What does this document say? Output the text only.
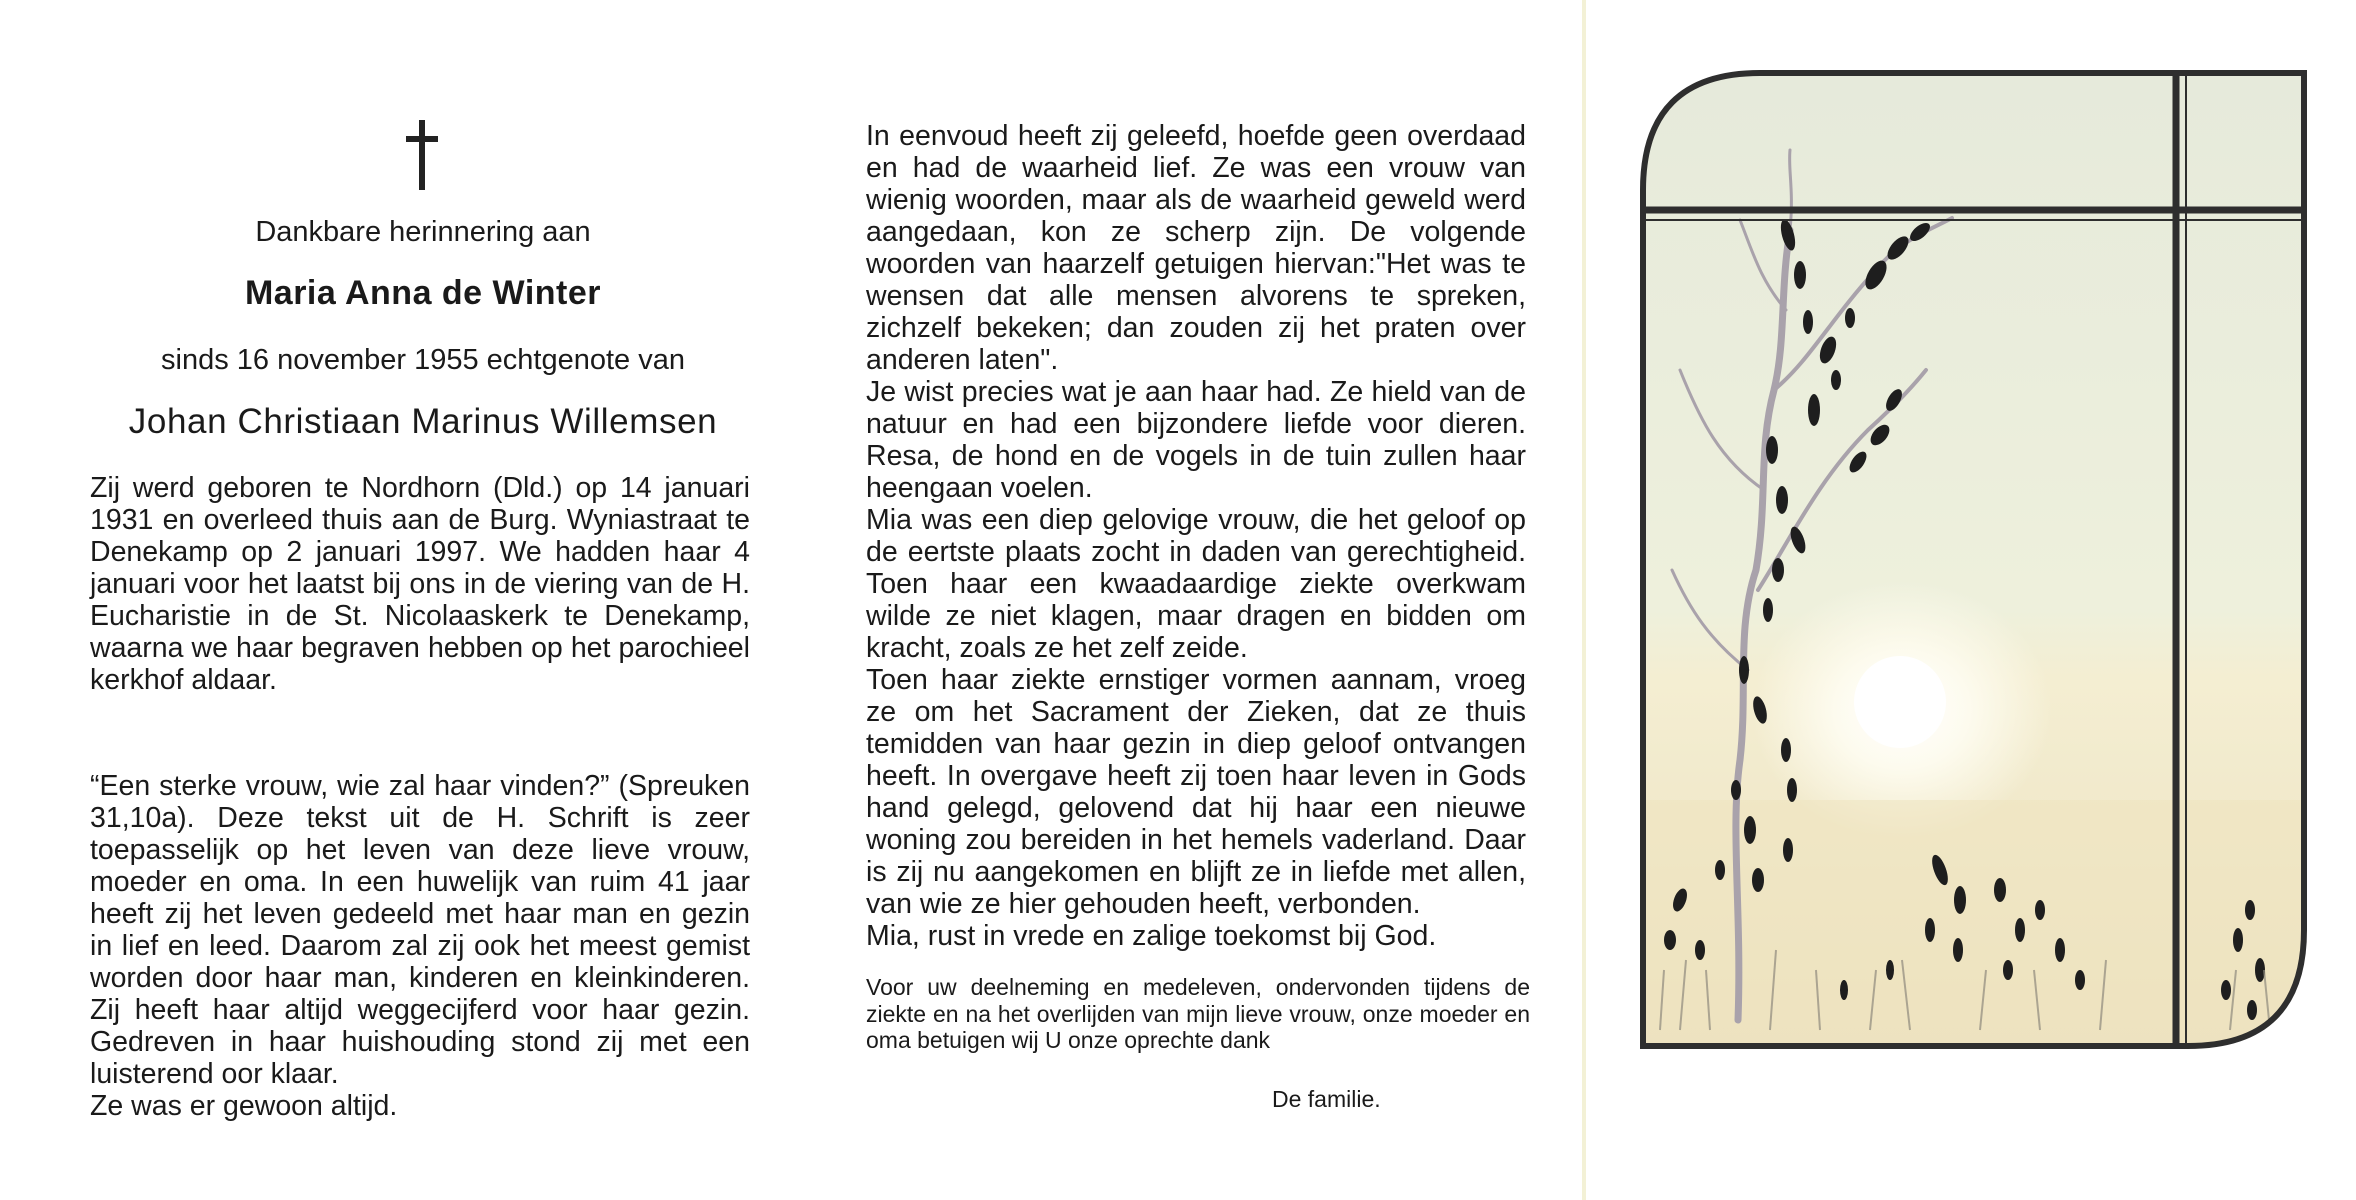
Dankbare herinnering aan
Maria Anna de Winter
sinds 16 november 1955 echtgenote van
Johan Christiaan Marinus Willemsen

Zij werd geboren te Nordhorn (Dld.) op 14 januari 1931 en overleed thuis aan de Burg. Wyniastraat te Denekamp op 2 januari 1997. We hadden haar 4 januari voor het laatst bij ons in de viering van de H. Eucharistie in de St. Nicolaaskerk te Denekamp, waarna we haar begraven hebben op het parochieel kerkhof aldaar.

“Een sterke vrouw, wie zal haar vinden?” (Spreuken 31,10a). Deze tekst uit de H. Schrift is zeer toepasselijk op het leven van deze lieve vrouw, moeder en oma. In een huwelijk van ruim 41 jaar heeft zij het leven gedeeld met haar man en gezin in lief en leed. Daarom zal zij ook het meest gemist worden door haar man, kinderen en kleinkinderen. Zij heeft haar altijd weggecijferd voor haar gezin. Gedreven in haar huishouding stond zij met een luisterend oor klaar.

Ze was er gewoon altijd.

In eenvoud heeft zij geleefd, hoefde geen overdaad en had de waarheid lief. Ze was een vrouw van wienig woorden, maar als de waarheid geweld werd aangedaan, kon ze scherp zijn. De volgende woorden van haarzelf getuigen hiervan:"Het was te wensen dat alle mensen alvorens te spreken, zichzelf bekeken; dan zouden zij het praten over anderen laten".

Je wist precies wat je aan haar had. Ze hield van de natuur en had een bijzondere liefde voor dieren. Resa, de hond en de vogels in de tuin zullen haar heengaan voelen.

Mia was een diep gelovige vrouw, die het geloof op de eertste plaats zocht in daden van gerechtigheid. Toen haar een kwaadaardige ziekte overkwam wilde ze niet klagen, maar dragen en bidden om kracht, zoals ze het zelf zeide.

Toen haar ziekte ernstiger vormen aannam, vroeg ze om het Sacrament der Zieken, dat ze thuis temidden van haar gezin in diep geloof ontvangen heeft. In overgave heeft zij toen haar leven in Gods hand gelegd, gelovend dat hij haar een nieuwe woning zou bereiden in het hemels vaderland. Daar is zij nu aangekomen en blijft ze in liefde met allen, van wie ze hier gehouden heeft, verbonden.

Mia, rust in vrede en zalige toekomst bij God.

Voor uw deelneming en medeleven, ondervonden tijdens de ziekte en na het overlijden van mijn lieve vrouw, onze moeder en oma betuigen wij U onze oprechte dank
De familie.
